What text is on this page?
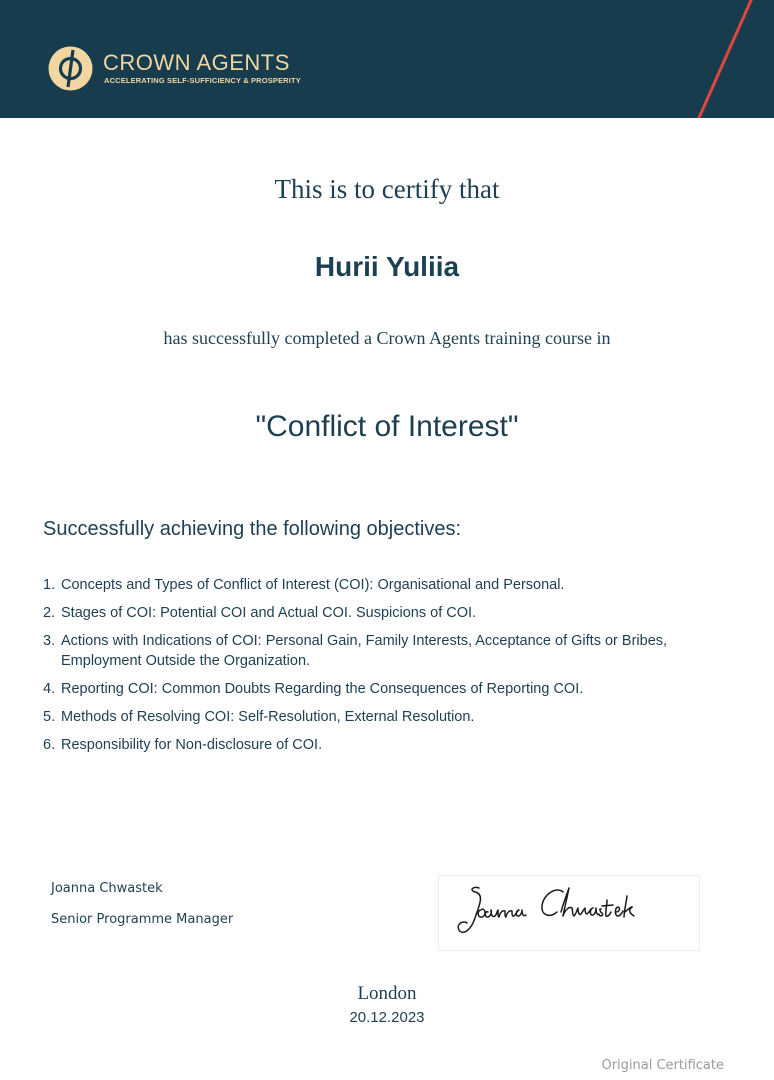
CROWN AGENTS
ACCELERATING SELF-SUFFICIENCY & PROSPERITY
This is to certify that
Hurii Yuliia
has successfully completed a Crown Agents training course in
"Conflict of Interest"
Successfully achieving the following objectives:
1. Concepts and Types of Conflict of Interest (COI): Organisational and Personal.
2. Stages of COI: Potential COI and Actual COI. Suspicions of COI.
3. Actions with Indications of COI: Personal Gain, Family Interests, Acceptance of Gifts or Bribes, Employment Outside the Organization.
4. Reporting COI: Common Doubts Regarding the Consequences of Reporting COI.
5. Methods of Resolving COI: Self-Resolution, External Resolution.
6. Responsibility for Non-disclosure of COI.
Joanna Chwastek
Senior Programme Manager
London
20.12.2023
Original Certificate
